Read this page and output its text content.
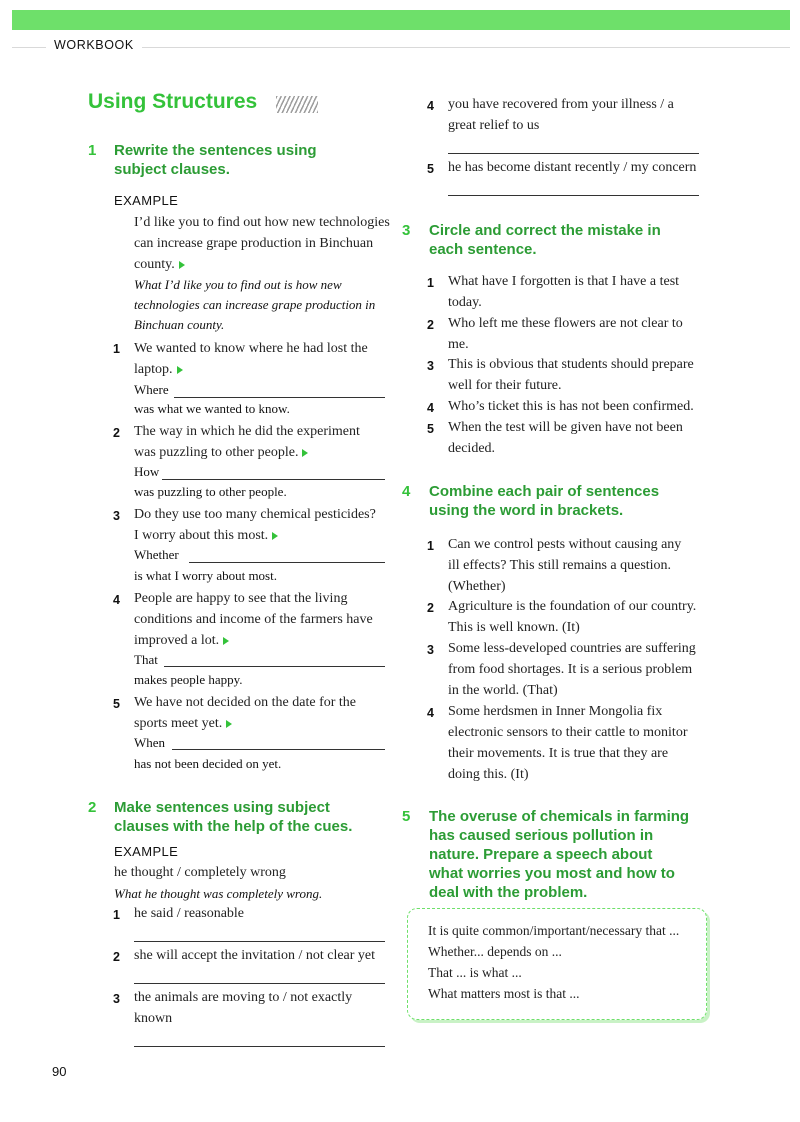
WORKBOOK
Using Structures
1 Rewrite the sentences using
subject clauses.
EXAMPLE
I’d like you to find out how new technologies
can increase grape production in Binchuan
county.
What I’d like you to find out is how new
technologies can increase grape production in
Binchuan county.
1 We wanted to know where he had lost the
laptop.
Where
was what we wanted to know.
2 The way in which he did the experiment
was puzzling to other people.
How
was puzzling to other people.
3 Do they use too many chemical pesticides?
I worry about this most.
Whether
is what I worry about most.
4 People are happy to see that the living
conditions and income of the farmers have
improved a lot.
That
makes people happy.
5 We have not decided on the date for the
sports meet yet.
When
has not been decided on yet.
2 Make sentences using subject
clauses with the help of the cues.
EXAMPLE
he thought / completely wrong
What he thought was completely wrong.
1 he said / reasonable
2 she will accept the invitation / not clear yet
3 the animals are moving to / not exactly
known
4 you have recovered from your illness / a
great relief to us
5 he has become distant recently / my concern
3 Circle and correct the mistake in
each sentence.
1 What have I forgotten is that I have a test
today.
2 Who left me these flowers are not clear to
me.
3 This is obvious that students should prepare
well for their future.
4 Who’s ticket this is has not been confirmed.
5 When the test will be given have not been
decided.
4 Combine each pair of sentences
using the word in brackets.
1 Can we control pests without causing any
ill effects? This still remains a question.
(Whether)
2 Agriculture is the foundation of our country.
This is well known. (It)
3 Some less-developed countries are suffering
from food shortages. It is a serious problem
in the world. (That)
4 Some herdsmen in Inner Mongolia fix
electronic sensors to their cattle to monitor
their movements. It is true that they are
doing this. (It)
5 The overuse of chemicals in farming
has caused serious pollution in
nature. Prepare a speech about
what worries you most and how to
deal with the problem.
It is quite common/important/necessary that ...
Whether... depends on ...
That ... is what ...
What matters most is that ...
90
